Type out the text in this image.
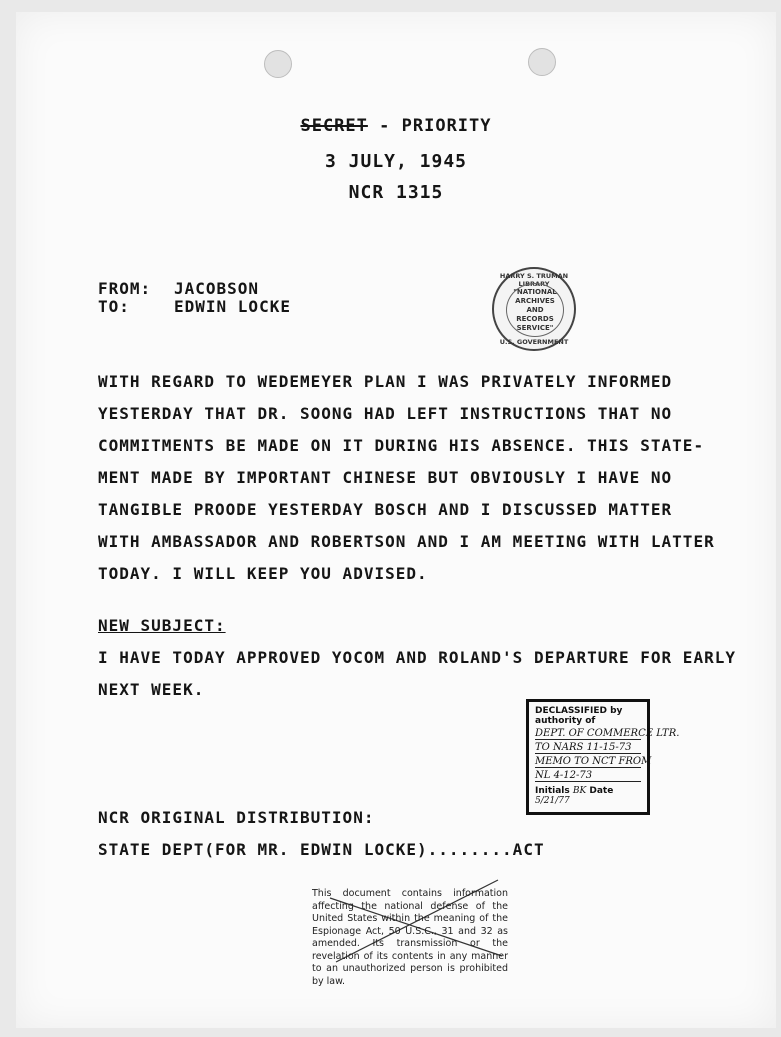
SECRET - PRIORITY
3 JULY, 1945
NCR 1315
FROM: JACOBSON
TO:	EDWIN LOCKE
HARRY S. TRUMAN LIBRARY
"NATIONAL
ARCHIVES AND
RECORDS
SERVICE"
U.S. GOVERNMENT
WITH REGARD TO WEDEMEYER PLAN I WAS PRIVATELY INFORMED
YESTERDAY THAT DR. SOONG HAD LEFT INSTRUCTIONS THAT NO
COMMITMENTS BE MADE ON IT DURING HIS ABSENCE. THIS STATE-
MENT MADE BY IMPORTANT CHINESE BUT OBVIOUSLY I HAVE NO
TANGIBLE PROODE YESTERDAY BOSCH AND I DISCUSSED MATTER
WITH AMBASSADOR AND ROBERTSON AND I AM MEETING WITH LATTER
TODAY. I WILL KEEP YOU ADVISED.
NEW SUBJECT:
I HAVE TODAY APPROVED YOCOM AND ROLAND'S DEPARTURE FOR EARLY
NEXT WEEK.
DECLASSIFIED by authority of
DEPT. OF COMMERCE LTR.
TO NARS 11-15-73
MEMO TO NCT FROM
NL 4-12-73
Initials BK Date 5/21/77
NCR ORIGINAL DISTRIBUTION:
STATE DEPT(FOR MR. EDWIN LOCKE)........ACT
This document contains information affecting the national defense of the United States within the meaning of the Espionage Act, 50 U.S.C., 31 and 32 as amended. Its transmission or the revelation of its contents in any manner to an unauthorized person is prohibited by law.
